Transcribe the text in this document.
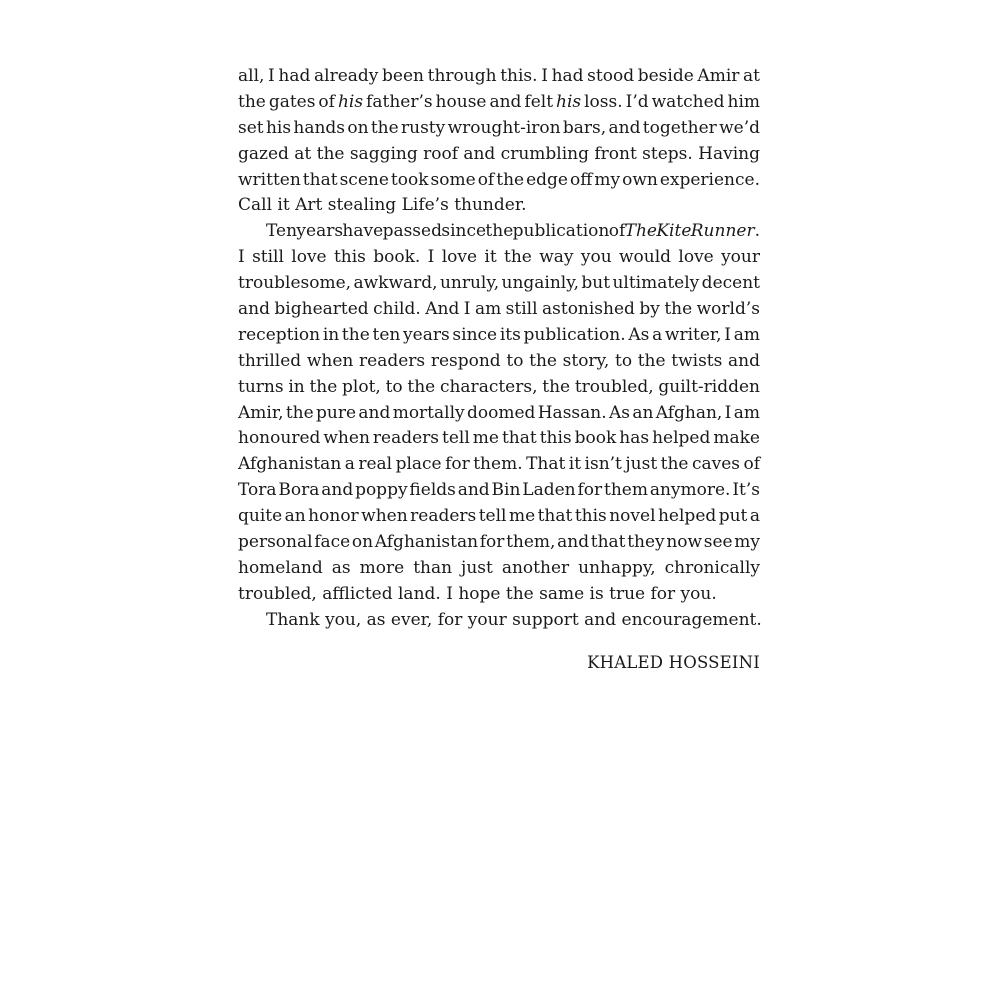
all, I had already been through this. I had stood beside Amir at
the gates of his father’s house and felt his loss. I’d watched him
set his hands on the rusty wrought-iron bars, and together we’d
gazed at the sagging roof and crumbling front steps. Having
written that scene took some of the edge off my own experience.
Call it Art stealing Life’s thunder.
Ten years have passed since the publication of The Kite Runner.
I still love this book. I love it the way you would love your
troublesome, awkward, unruly, ungainly, but ultimately decent
and bighearted child. And I am still astonished by the world’s
reception in the ten years since its publication. As a writer, I am
thrilled when readers respond to the story, to the twists and
turns in the plot, to the characters, the troubled, guilt-ridden
Amir, the pure and mortally doomed Hassan. As an Afghan, I am
honoured when readers tell me that this book has helped make
Afghanistan a real place for them. That it isn’t just the caves of
Tora Bora and poppy fields and Bin Laden for them anymore. It’s
quite an honor when readers tell me that this novel helped put a
personal face on Afghanistan for them, and that they now see my
homeland as more than just another unhappy, chronically
troubled, afflicted land. I hope the same is true for you.
Thank you, as ever, for your support and encouragement.
KHALED HOSSEINI
